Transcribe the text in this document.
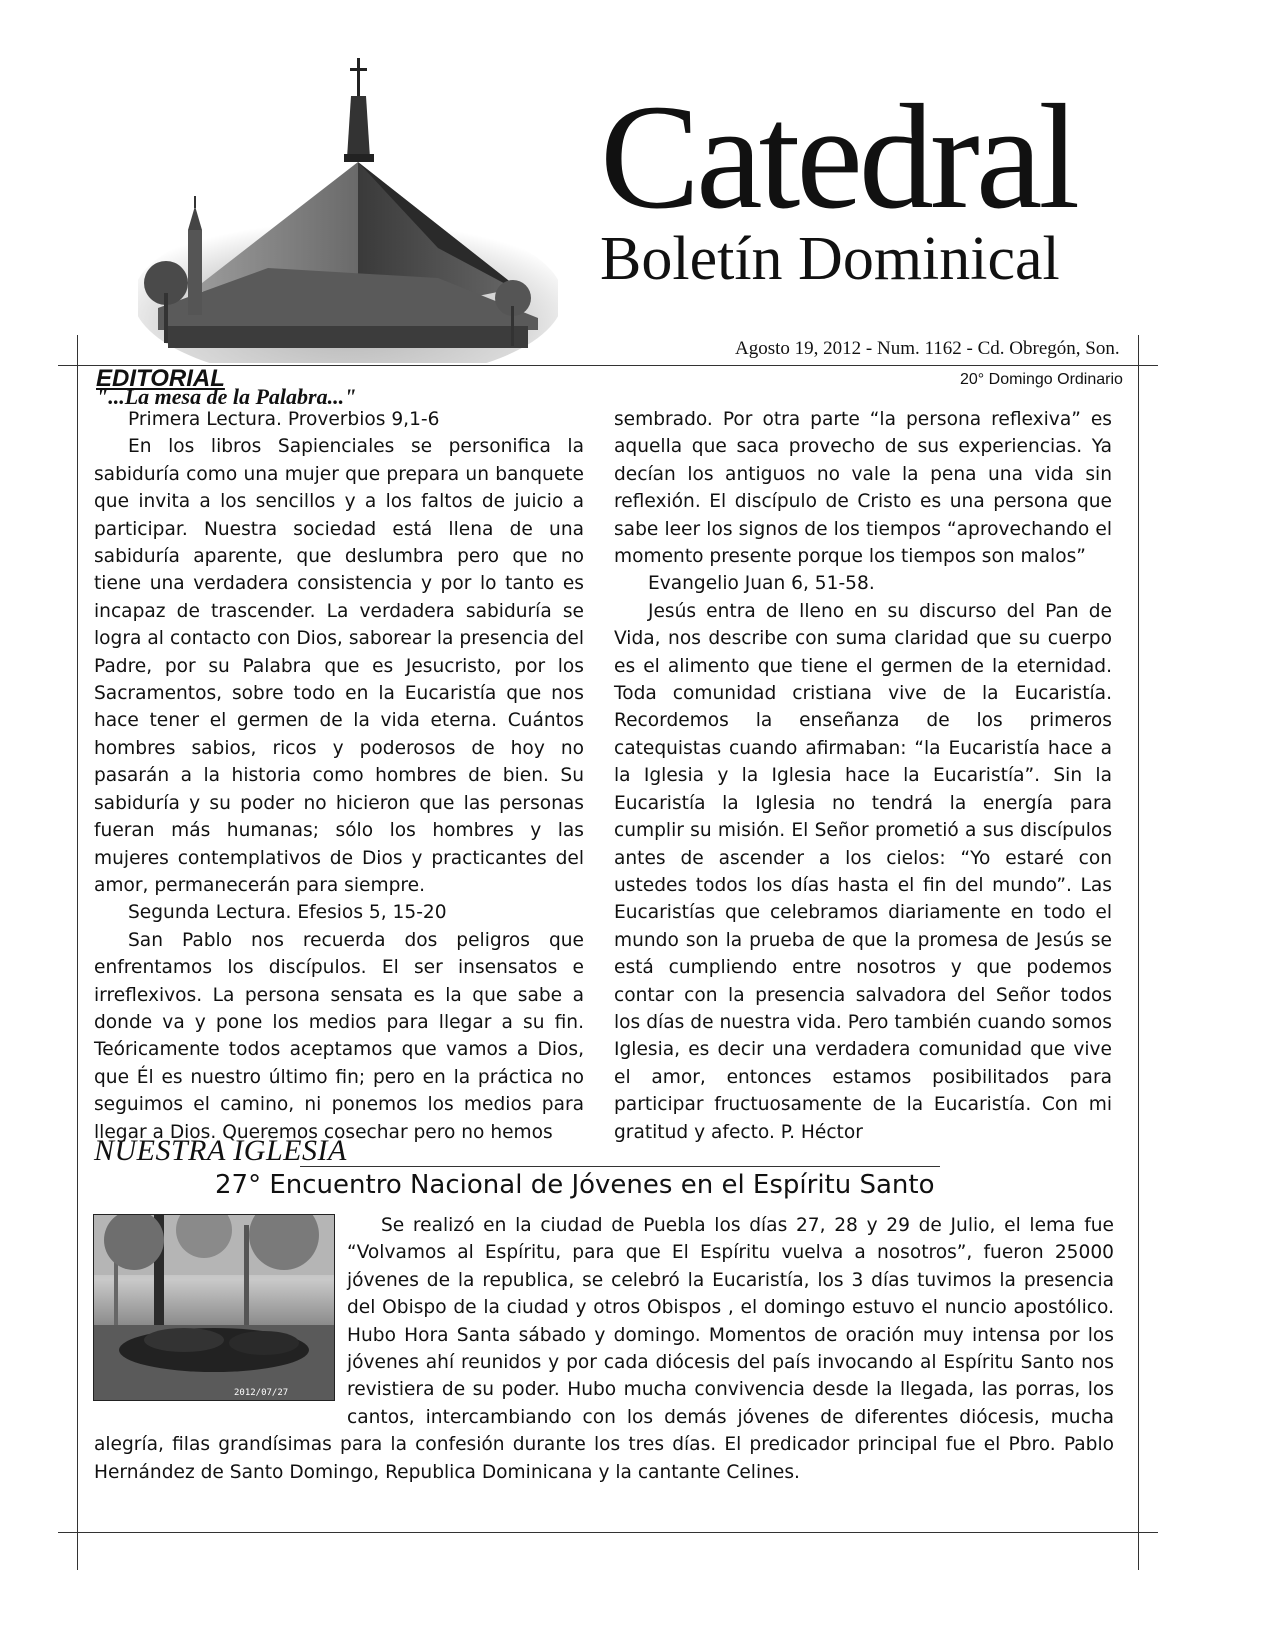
Catedral
Boletín Dominical
Agosto 19, 2012 - Num. 1162 - Cd. Obregón, Son.
20° Domingo Ordinario
EDITORIAL
"...La mesa de la Palabra..."

Primera Lectura. Proverbios 9,1-6

En los libros Sapienciales se personifica la sabiduría como una mujer que prepara un banquete que invita a los sencillos y a los faltos de juicio a participar. Nuestra sociedad está llena de una sabiduría aparente, que deslumbra pero que no tiene una verdadera consistencia y por lo tanto es incapaz de trascender. La verdadera sabiduría se logra al contacto con Dios, saborear la presencia del Padre, por su Palabra que es Jesucristo, por los Sacramentos, sobre todo en la Eucaristía que nos hace tener el germen de la vida eterna. Cuántos hombres sabios, ricos y poderosos de hoy no pasarán a la historia como hombres de bien. Su sabiduría y su poder no hicieron que las personas fueran más humanas; sólo los hombres y las mujeres contemplativos de Dios y practicantes del amor, permanecerán para siempre.

Segunda Lectura. Efesios 5, 15-20

San Pablo nos recuerda dos peligros que enfrentamos los discípulos. El ser insensatos e irreflexivos. La persona sensata es la que sabe a donde va y pone los medios para llegar a su fin. Teóricamente todos aceptamos que vamos a Dios, que Él es nuestro último fin; pero en la práctica no seguimos el camino, ni ponemos los medios para llegar a Dios. Queremos cosechar pero no hemos

sembrado. Por otra parte “la persona reflexiva” es aquella que saca provecho de sus experiencias. Ya decían los antiguos no vale la pena una vida sin reflexión. El discípulo de Cristo es una persona que sabe leer los signos de los tiempos “aprovechando el momento presente porque los tiempos son malos”

Evangelio Juan 6, 51-58.

Jesús entra de lleno en su discurso del Pan de Vida, nos describe con suma claridad que su cuerpo es el alimento que tiene el germen de la eternidad. Toda comunidad cristiana vive de la Eucaristía. Recordemos la enseñanza de los primeros catequistas cuando afirmaban: “la Eucaristía hace a la Iglesia y la Iglesia hace la Eucaristía”. Sin la Eucaristía la Iglesia no tendrá la energía para cumplir su misión. El Señor prometió a sus discípulos antes de ascender a los cielos: “Yo estaré con ustedes todos los días hasta el fin del mundo”. Las Eucaristías que celebramos diariamente en todo el mundo son la prueba de que la promesa de Jesús se está cumpliendo entre nosotros y que podemos contar con la presencia salvadora del Señor todos los días de nuestra vida. Pero también cuando somos Iglesia, es decir una verdadera comunidad que vive el amor, entonces estamos posibilitados para participar fructuosamente de la Eucaristía. Con mi gratitud y afecto. P. Héctor

NUESTRA IGLESIA
27° Encuentro Nacional de Jóvenes en el Espíritu Santo
2012/07/27

Se realizó en la ciudad de Puebla los días 27, 28 y 29 de Julio, el lema fue “Volvamos al Espíritu, para que El Espíritu vuelva a nosotros”, fueron 25000 jóvenes de la republica, se celebró la Eucaristía, los 3 días tuvimos la presencia del Obispo de la ciudad y otros Obispos , el domingo estuvo el nuncio apostólico. Hubo Hora Santa sábado y domingo. Momentos de oración muy intensa por los jóvenes ahí reunidos y por cada diócesis del país invocando al Espíritu Santo nos revistiera de su poder. Hubo mucha convivencia desde la llegada, las porras, los cantos, intercambiando con los demás jóvenes de diferentes diócesis, mucha alegría, filas grandísimas para la confesión durante los tres días. El predicador principal fue el Pbro. Pablo Hernández de Santo Domingo, Republica Dominicana y la cantante Celines.
